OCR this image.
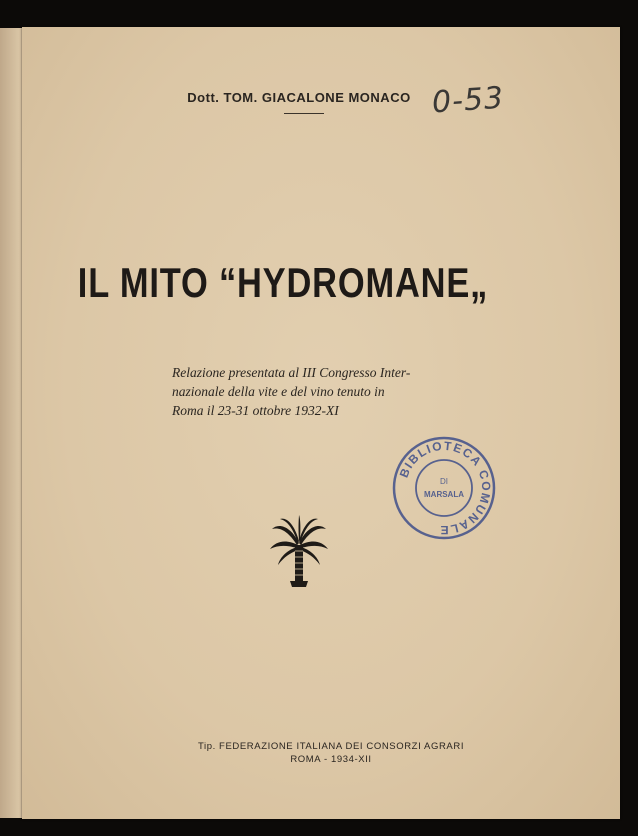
Dott. TOM. GIACALONE MONACO 0-53
IL MITO “HYDROMANE„
Relazione presentata al III Congresso Inter-
nazionale della vite e del vino tenuto in
Roma il 23-31 ottobre 1932-XI
BIBLIOTECA COMUNALE
DI
MARSALA
Tip. FEDERAZIONE ITALIANA DEI CONSORZI AGRARI
ROMA - 1934-XII
